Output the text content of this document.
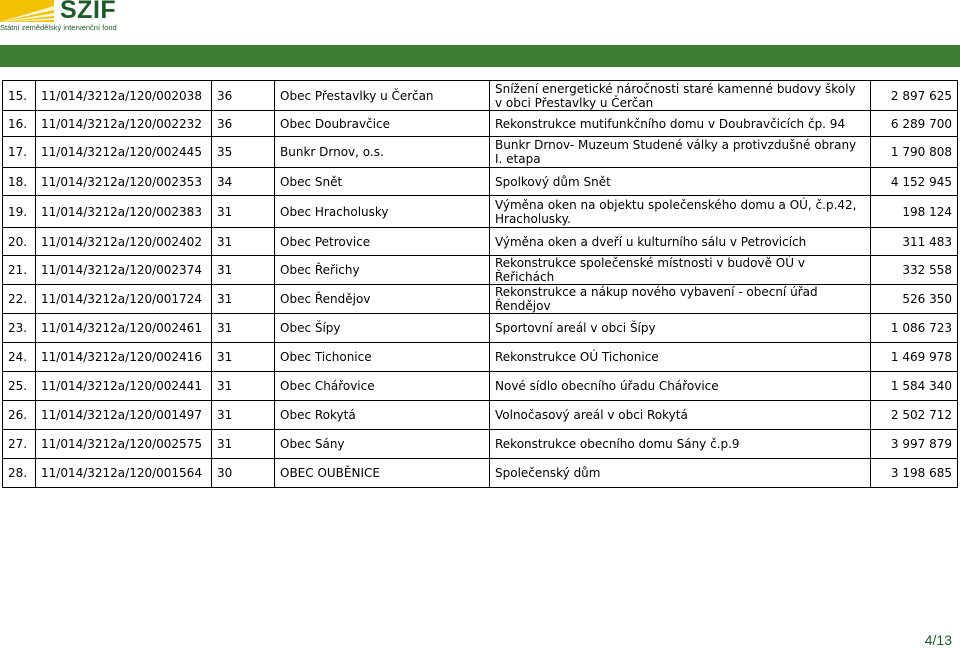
SZIF
Státní zemědělský intervenční fond
15.	11/014/3212a/120/002038	36	Obec Přestavlky u Čerčan	Snížení energetické náročnosti staré kamenné budovy školy v obci Přestavlky u Čerčan	2 897 625
16.	11/014/3212a/120/002232	36	Obec Doubravčice	Rekonstrukce mutifunkčního domu v Doubravčicích čp. 94	6 289 700
17.	11/014/3212a/120/002445	35	Bunkr Drnov, o.s.	Bunkr Drnov- Muzeum Studené války a protivzdušné obrany I. etapa	1 790 808
18.	11/014/3212a/120/002353	34	Obec Snět	Spolkový dům Snět	4 152 945
19.	11/014/3212a/120/002383	31	Obec Hracholusky	Výměna oken na objektu společenského domu a OÚ, č.p.42, Hracholusky.	198 124
20.	11/014/3212a/120/002402	31	Obec Petrovice	Výměna oken a dveří u kulturního sálu v Petrovicích	311 483
21.	11/014/3212a/120/002374	31	Obec Řeřichy	Rekonstrukce společenské místnosti v budově OÚ v Řeřichách	332 558
22.	11/014/3212a/120/001724	31	Obec Řendějov	Rekonstrukce a nákup nového vybavení - obecní úřad Řendějov	526 350
23.	11/014/3212a/120/002461	31	Obec Šípy	Sportovní areál v obci Šípy	1 086 723
24.	11/014/3212a/120/002416	31	Obec Tichonice	Rekonstrukce OÚ Tichonice	1 469 978
25.	11/014/3212a/120/002441	31	Obec Chářovice	Nové sídlo obecního úřadu Chářovice	1 584 340
26.	11/014/3212a/120/001497	31	Obec Rokytá	Volnočasový areál v obci Rokytá	2 502 712
27.	11/014/3212a/120/002575	31	Obec Sány	Rekonstrukce obecního domu Sány č.p.9	3 997 879
28.	11/014/3212a/120/001564	30	OBEC OUBĚNICE	Společenský dům	3 198 685
4/13
